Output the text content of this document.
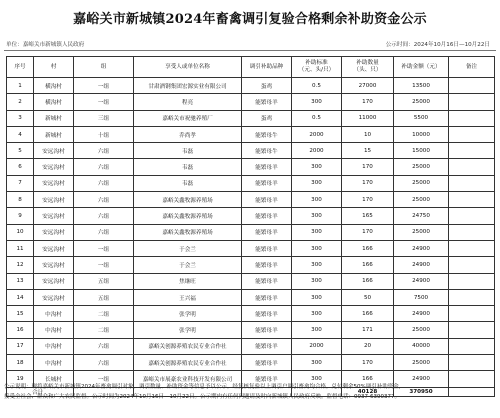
嘉峪关市新城镇2024年畜禽调引复验合格剩余补助资金公示
单位：嘉峪关市新城镇人民政府	公示时间：2024年10月16日—10月22日
序号	村	组	享受人或单位名称	调引补助品种	补助标准
（元、头/只）	补助数量
（头、只）	补助金额（元）	备注
1	横沟村	一组	甘肃酒钢集团宏源实业有限公司	蛋鸡	0.5	27000	13500	
2	横沟村	一组	程亮	能繁母羊	300	170	25000	
3	新城村	三组	嘉峪关市祝驰养殖厂	蛋鸡	0.5	11000	5500	
4	新城村	十组	乔尚孝	能繁母牛	2000	10	10000	
5	安远沟村	六组	韦磊	能繁母牛	2000	15	15000	
6	安远沟村	六组	韦磊	能繁母羊	300	170	25000	
7	安远沟村	六组	韦磊	能繁母羊	300	170	25000	
8	安远沟村	六组	嘉峪关鑫牧源养殖场	能繁母羊	300	170	25000	
9	安远沟村	六组	嘉峪关鑫牧源养殖场	能繁母羊	300	165	24750	
10	安远沟村	六组	嘉峪关鑫牧源养殖场	能繁母羊	300	170	25000	
11	安远沟村	一组	于会兰	能繁母羊	300	166	24900	
12	安远沟村	一组	于会兰	能繁母羊	300	166	24900	
13	安远沟村	五组	焦继旺	能繁母羊	300	166	24900	
14	安远沟村	五组	王兴福	能繁母羊	300	50	7500	
15	中沟村	二组	张学明	能繁母羊	300	166	24900	
16	中沟村	二组	张学明	能繁母羊	300	171	25000	
17	中沟村	六组	嘉峪关创源养殖农民专业合作社	能繁母羊	2000	20	40000	
18	中沟村	六组	嘉峪关创源养殖农民专业合作社	能繁母羊	300	170	25000	
19	长城村	一组	嘉峪关市展豪农业科技开发有限公司	能繁母羊	300	166	24900	
合计						40128	370950	
公示说明：现将嘉峪关市新城镇2024年畜禽调引对象、调引数量、补助资金等信息予以公示，经复核复验以上调引户调引畜禽均合格，兑付剩余50%调引补助资金，
接受全社会、群众和广大农民监督。公示时间为2024年10月16日—10月22日。公示期内有任何问题请及时向新城镇人民政府反映。监督电话：0937-6390377。
